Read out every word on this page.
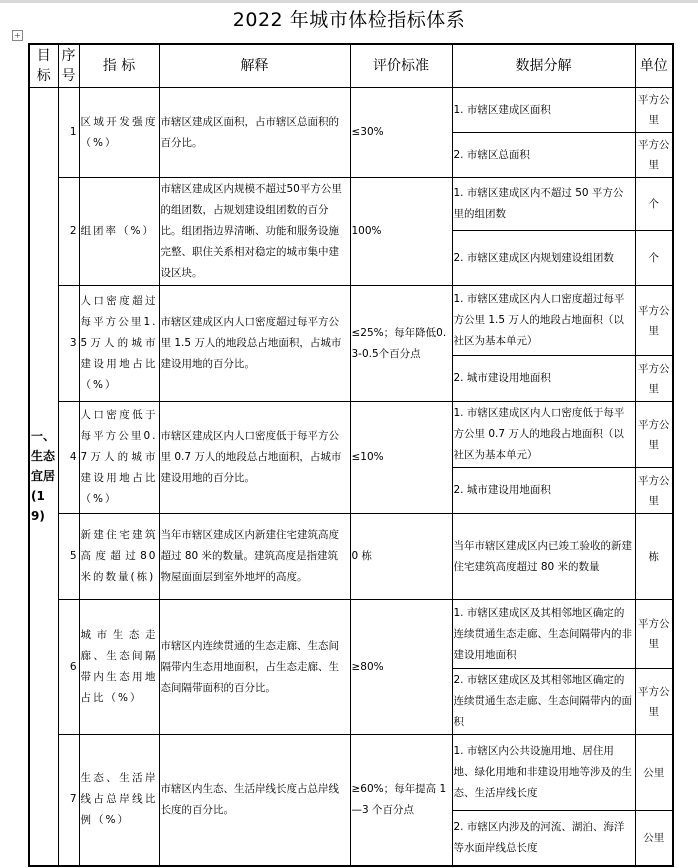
2022 年城市体检指标体系
+
目标	序号	指 标	解释	评价标准	数据分解	单位
一、生态宜居(19)	1	区域开发强度（%）	市辖区建成区面积，占市辖区总面积的百分比。	≤30%	1. 市辖区建成区面积	平方公里
					2. 市辖区总面积	平方公里
	2	组团率（%）	市辖区建成区内规模不超过50平方公里的组团数，占规划建设组团数的百分比。组团指边界清晰、功能和服务设施完整、职住关系相对稳定的城市集中建设区块。	100%	1. 市辖区建成区内不超过 50 平方公里的组团数	个
					2. 市辖区建成区内规划建设组团数	个
	3	人口密度超过每平方公里1.5万人的城市建设用地占比（%）	市辖区建成区内人口密度超过每平方公里 1.5 万人的地段总占地面积，占城市建设用地的百分比。	≤25%；每年降低0.3-0.5个百分点	1. 市辖区建成区内人口密度超过每平方公里 1.5 万人的地段占地面积（以社区为基本单元）	平方公里
					2. 城市建设用地面积	平方公里
	4	人口密度低于每平方公里0.7万人的城市建设用地占比（%）	市辖区建成区内人口密度低于每平方公里 0.7 万人的地段总占地面积，占城市建设用地的百分比。	≤10%	1. 市辖区建成区内人口密度低于每平方公里 0.7 万人的地段占地面积（以社区为基本单元）	平方公里
					2. 城市建设用地面积	平方公里
	5	新建住宅建筑高度超过80 米的数量(栋)	当年市辖区建成区内新建住宅建筑高度超过 80 米的数量。建筑高度是指建筑物屋面面层到室外地坪的高度。	0 栋	当年市辖区建成区内已竣工验收的新建住宅建筑高度超过 80 米的数量	栋
	6	城市生态走廊、生态间隔带内生态用地占比（%）	市辖区内连续贯通的生态走廊、生态间隔带内生态用地面积，占生态走廊、生态间隔带面积的百分比。	≥80%	1. 市辖区建成区及其相邻地区确定的连续贯通生态走廊、生态间隔带内的非建设用地面积	平方公里
					2. 市辖区建成区及其相邻地区确定的连续贯通生态走廊、生态间隔带内的面积	平方公里
	7	生态、生活岸线占总岸线比例（%）	市辖区内生态、生活岸线长度占总岸线长度的百分比。	≥60%；每年提高 1—3 个百分点	1. 市辖区内公共设施用地、居住用地、绿化用地和非建设用地等涉及的生态、生活岸线长度	公里
					2. 市辖区内涉及的河流、湖泊、海洋等水面岸线总长度	公里
